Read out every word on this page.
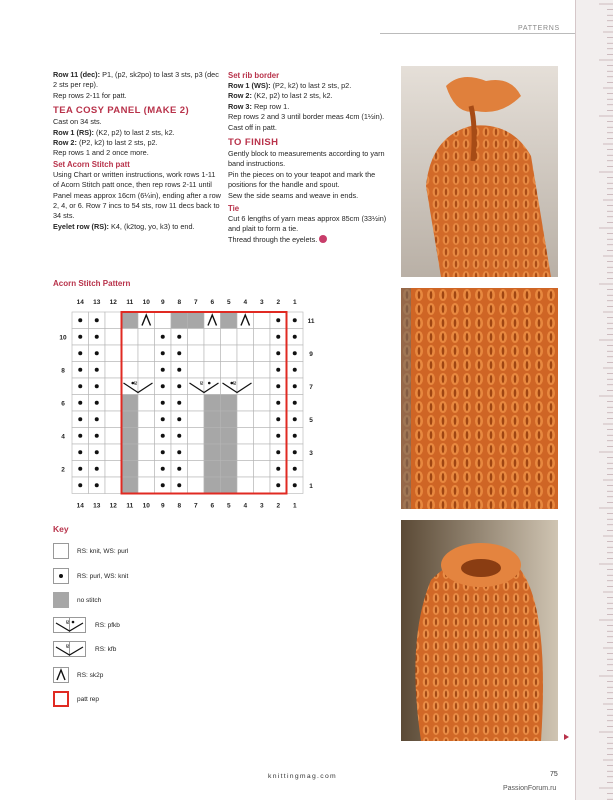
PATTERNS
Row 11 (dec): P1, (p2, sk2po) to last 3 sts, p3 (dec 2 sts per rep).
Rep rows 2-11 for patt.
TEA COSY PANEL (MAKE 2)
Cast on 34 sts.
Row 1 (RS): (K2, p2) to last 2 sts, k2.
Row 2: (P2, k2) to last 2 sts, p2.
Rep rows 1 and 2 once more.
Set Acorn Stitch patt
Using Chart or written instructions, work rows 1-11 of Acorn Stitch patt once, then rep rows 2-11 until Panel meas approx 16cm (6¼in), ending after a row 2, 4, or 6. Row 7 incs to 54 sts, row 11 decs back to 34 sts.
Eyelet row (RS): K4, (k2tog, yo, k3) to end.
Set rib border
Row 1 (WS): (P2, k2) to last 2 sts, p2.
Row 2: (K2, p2) to last 2 sts, k2.
Row 3: Rep row 1.
Rep rows 2 and 3 until border meas 4cm (1½in).
Cast off in patt.
TO FINISH
Gently block to measurements according to yarn band instructions.
Pin the pieces on to your teapot and mark the positions for the handle and spout.
Sew the side seams and weave in ends.
Tie
Cut 6 lengths of yarn meas approx 85cm (33½in) and plait to form a tie.
Thread through the eyelets.
Acorn Stitch Pattern
14
14
13
13
12
12
11
11
10
10
9
9
8
8
7
7
6
6
5
5
4
4
3
3
2
2
1
1
11
10
9
8
7
6
5
4
3
2
1
ɐ	ɐ	ɐ
Key
RS: knit, WS: purl
RS: purl, WS: knit
no stitch
ɐ	RS: pfkb
ɐ	RS: kfb
RS: sk2p
patt rep
knittingmag.com	75
PassionForum.ru
